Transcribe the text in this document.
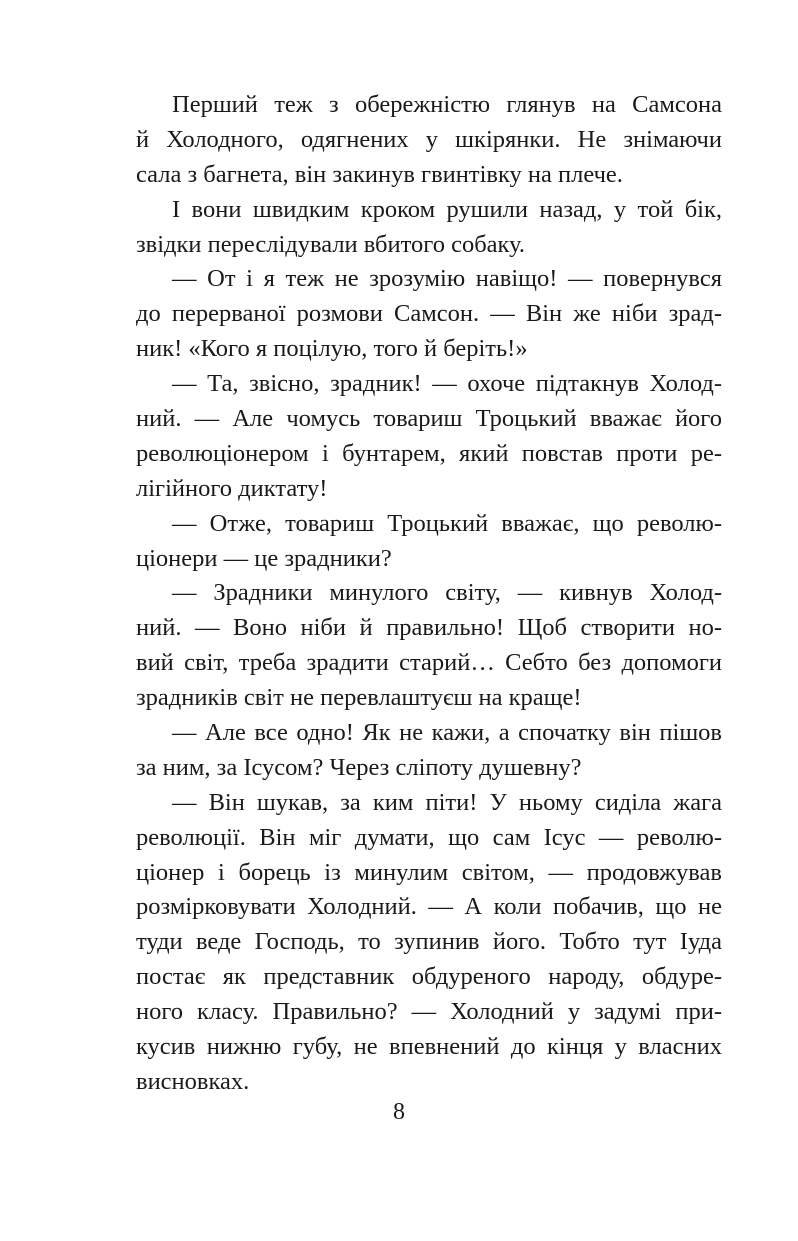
Перший теж з обережністю глянув на Самсона
й Холодного, одягнених у шкірянки. Не знімаючи
сала з багнета, він закинув гвинтівку на плече.
І вони швидким кроком рушили назад, у той бік,
звідки переслідували вбитого собаку.
— От і я теж не зрозумію навіщо! — повернувся
до перерваної розмови Самсон. — Він же ніби зрад-
ник! «Кого я поцілую, того й беріть!»
— Та, звісно, зрадник! — охоче підтакнув Холод-
ний. — Але чомусь товариш Троцький вважає його
революціонером і бунтарем, який повстав проти ре-
лігійного диктату!
— Отже, товариш Троцький вважає, що револю-
ціонери — це зрадники?
— Зрадники минулого світу, — кивнув Холод-
ний. — Воно ніби й правильно! Щоб створити но-
вий світ, треба зрадити старий… Себто без допомоги
зрадників світ не перевлаштуєш на краще!
— Але все одно! Як не кажи, а спочатку він пішов
за ним, за Ісусом? Через сліпоту душевну?
— Він шукав, за ким піти! У ньому сиділа жага
революції. Він міг думати, що сам Ісус — револю-
ціонер і борець із минулим світом, — продовжував
розмірковувати Холодний. — А коли побачив, що не
туди веде Господь, то зупинив його. Тобто тут Іуда
постає як представник обдуреного народу, обдуре-
ного класу. Правильно? — Холодний у задумі при-
кусив нижню губу, не впевнений до кінця у власних
висновках.
8
